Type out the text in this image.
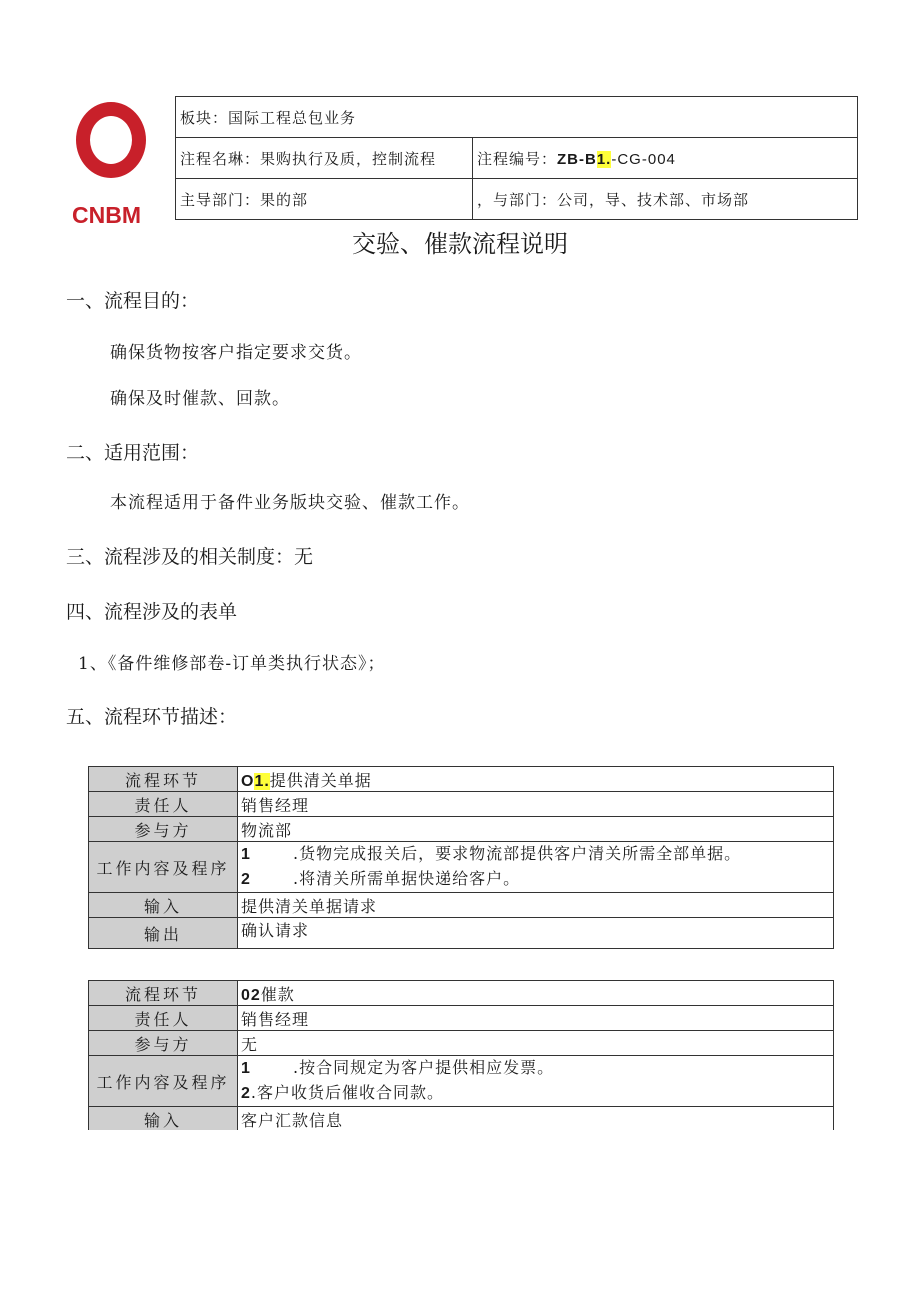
CNBM
板块：国际工程总包业务	
注程名琳：果购执行及质，控制流程	注程编号：ZB-B1.-CG-004
主导部门：果的部	，与部门：公司，导、技术部、市场部
交验、催款流程说明
一、流程目的：
确保货物按客户指定要求交货。
确保及时催款、回款。
二、适用范围：
本流程适用于备件业务版块交验、催款工作。
三、流程涉及的相关制度：无
四、流程涉及的表单
1、《备件维修部卷-订单类执行状态》；
五、流程环节描述：
流程环节	O1.提供清关单据
责任人	销售经理
参与方	物流部
工作内容及程序	1 .货物完成报关后，要求物流部提供客户清关所需全部单据。
2 .将清关所需单据快递给客户。

输入	提供清关单据请求
输出	确认请求
流程环节	02催款
责任人	销售经理
参与方	无
工作内容及程序	1 .按合同规定为客户提供相应发票。
2.客户收货后催收合同款。

输入	客户汇款信息
